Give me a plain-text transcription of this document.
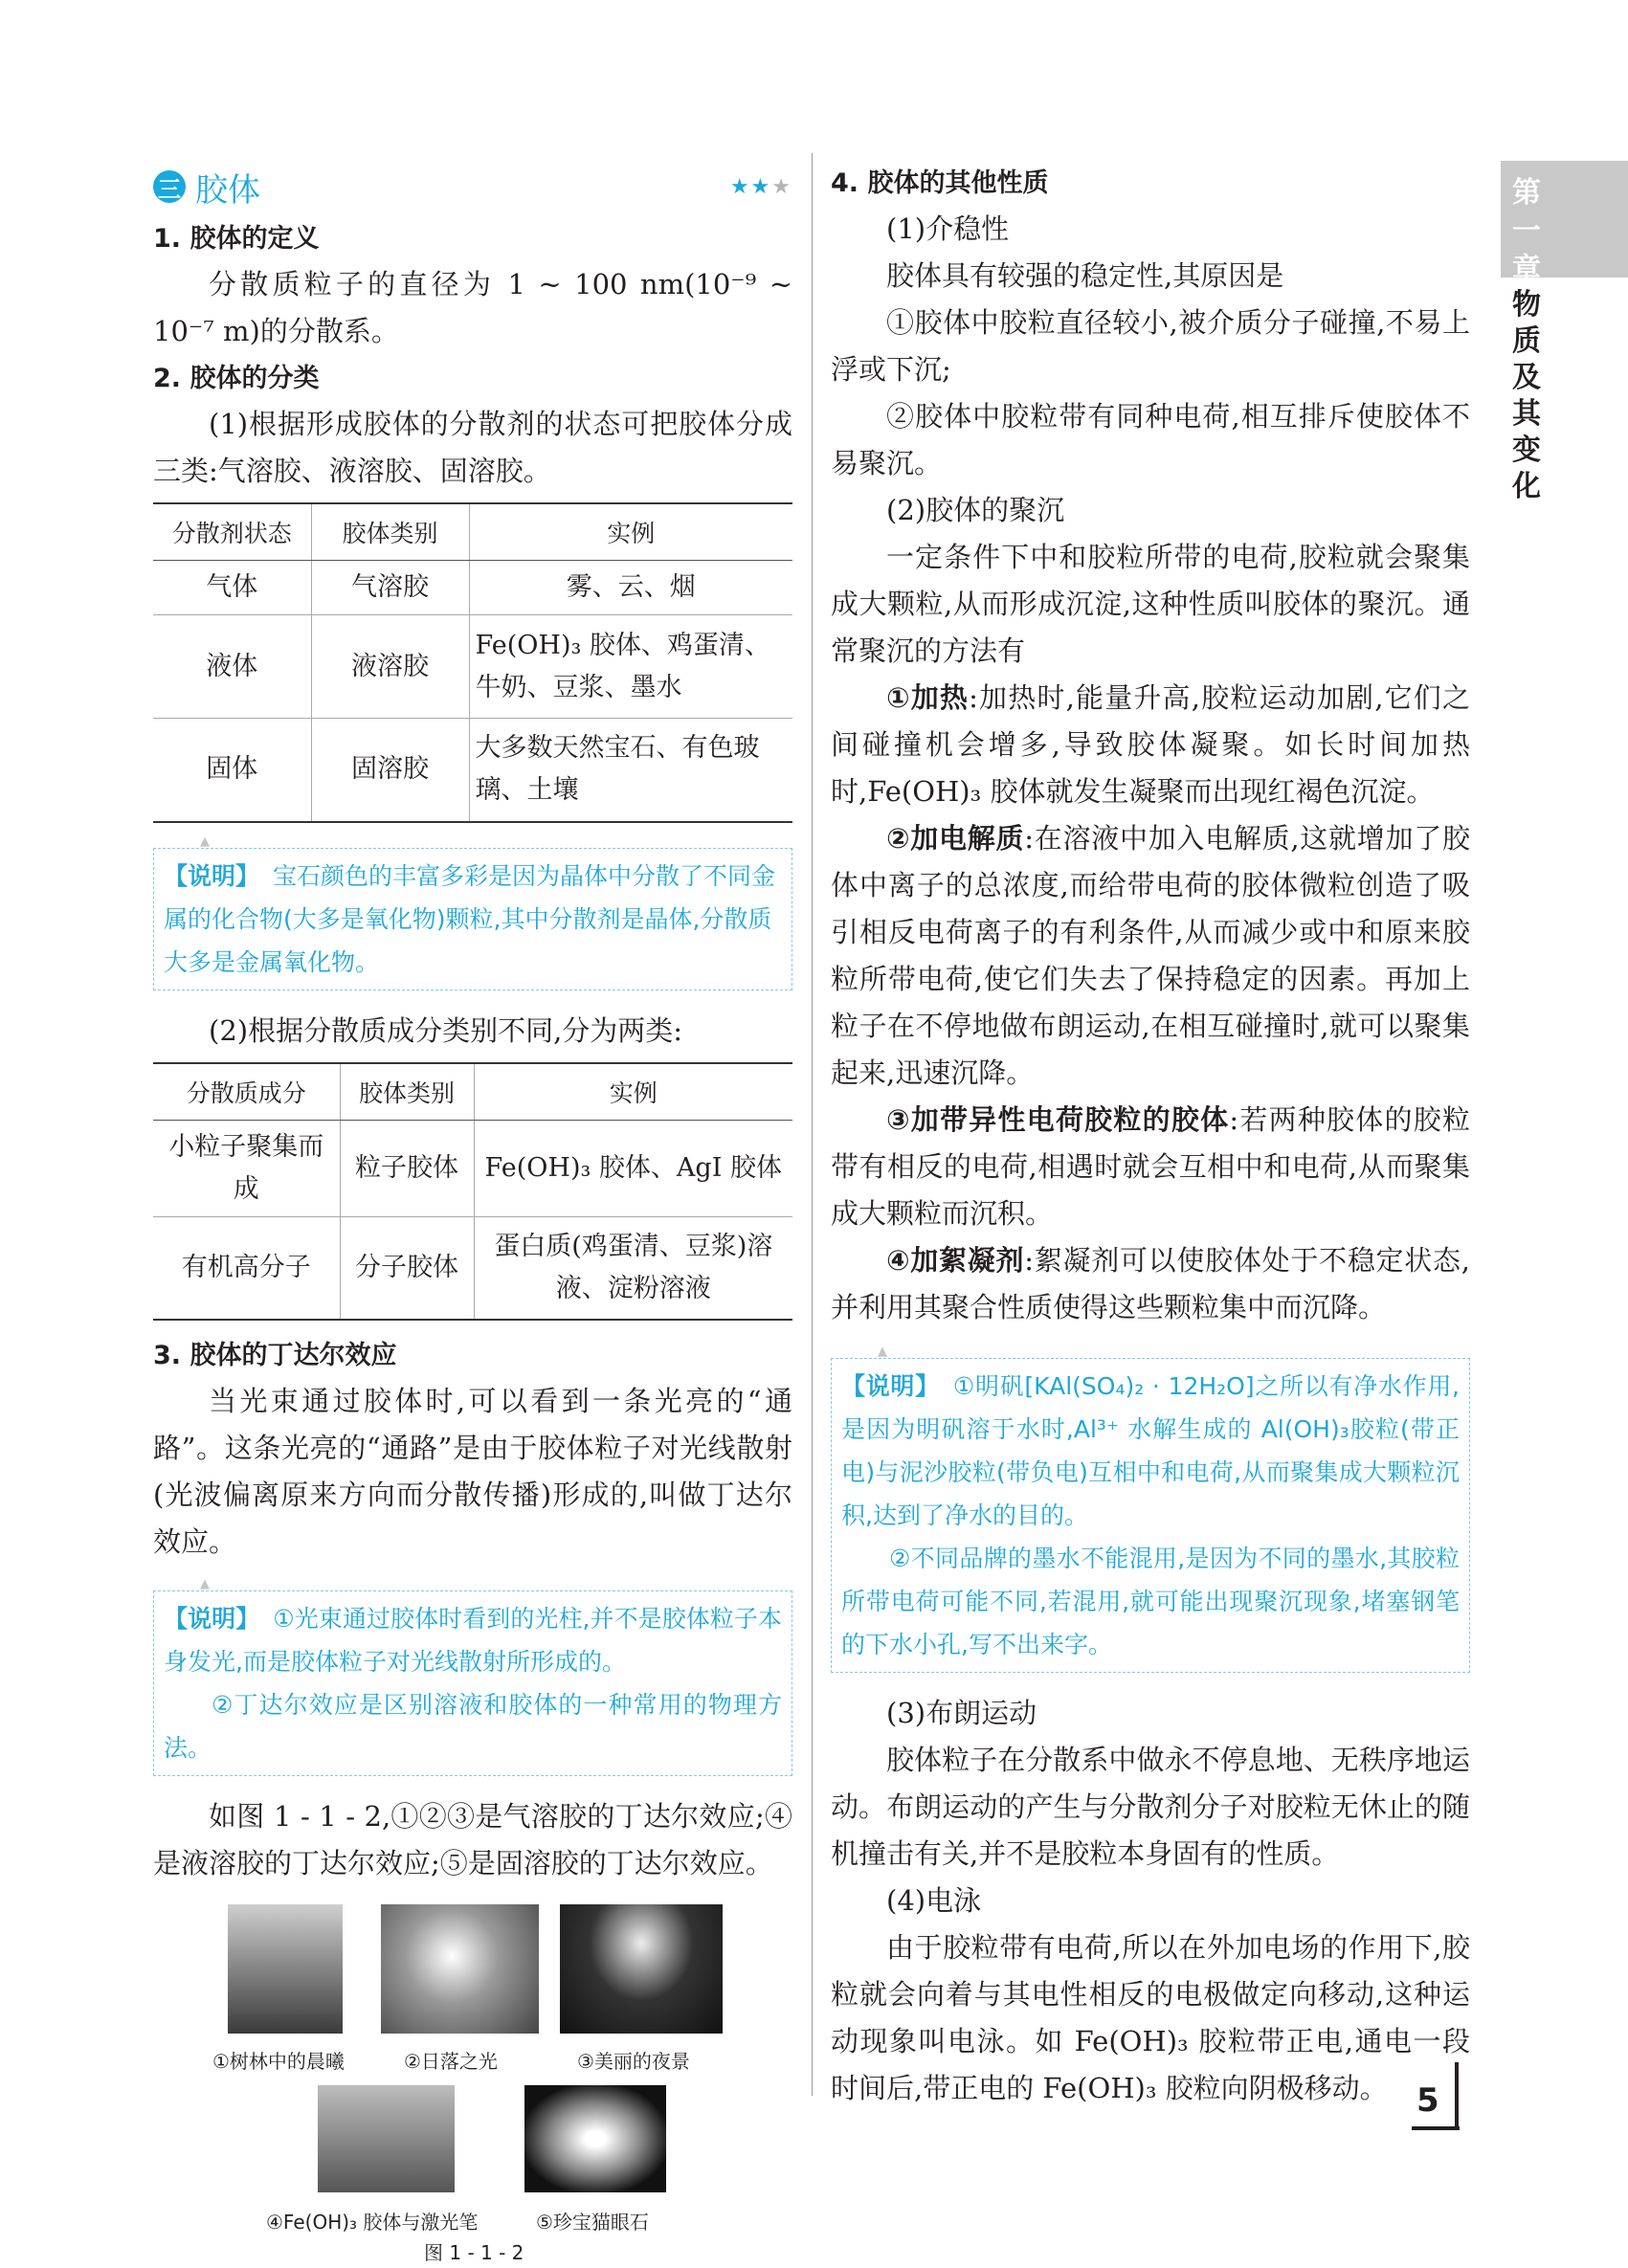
三 胶体	★★★
1. 胶体的定义

分散质粒子的直径为 1 ~ 100 nm(10⁻⁹ ~ 10⁻⁷ m)的分散系。

2. 胶体的分类

(1)根据形成胶体的分散剂的状态可把胶体分成三类:气溶胶、液溶胶、固溶胶。

分散剂状态	胶体类别	实例
气体	气溶胶	雾、云、烟
液体	液溶胶	Fe(OH)₃ 胶体、鸡蛋清、牛奶、豆浆、墨水
固体	固溶胶	大多数天然宝石、有色玻璃、土壤
▲
【说明】 宝石颜色的丰富多彩是因为晶体中分散了不同金属的化合物(大多是氧化物)颗粒,其中分散剂是晶体,分散质大多是金属氧化物。

(2)根据分散质成分类别不同,分为两类:

分散质成分	胶体类别	实例
小粒子聚集而成	粒子胶体	Fe(OH)₃ 胶体、AgI 胶体
有机高分子	分子胶体	蛋白质(鸡蛋清、豆浆)溶液、淀粉溶液
3. 胶体的丁达尔效应

当光束通过胶体时,可以看到一条光亮的“通路”。这条光亮的“通路”是由于胶体粒子对光线散射(光波偏离原来方向而分散传播)形成的,叫做丁达尔效应。

▲

【说明】 ①光束通过胶体时看到的光柱,并不是胶体粒子本身发光,而是胶体粒子对光线散射所形成的。

②丁达尔效应是区别溶液和胶体的一种常用的物理方法。

如图 1 - 1 - 2,①②③是气溶胶的丁达尔效应;④是液溶胶的丁达尔效应;⑤是固溶胶的丁达尔效应。

①树林中的晨曦	②日落之光	③美丽的夜景
④Fe(OH)₃ 胶体与激光笔	⑤珍宝猫眼石
图 1 - 1 - 2
4. 胶体的其他性质

(1)介稳性

胶体具有较强的稳定性,其原因是

①胶体中胶粒直径较小,被介质分子碰撞,不易上浮或下沉;

②胶体中胶粒带有同种电荷,相互排斥使胶体不易聚沉。

(2)胶体的聚沉

一定条件下中和胶粒所带的电荷,胶粒就会聚集成大颗粒,从而形成沉淀,这种性质叫胶体的聚沉。通常聚沉的方法有

①加热:加热时,能量升高,胶粒运动加剧,它们之间碰撞机会增多,导致胶体凝聚。如长时间加热时,Fe(OH)₃ 胶体就发生凝聚而出现红褐色沉淀。

②加电解质:在溶液中加入电解质,这就增加了胶体中离子的总浓度,而给带电荷的胶体微粒创造了吸引相反电荷离子的有利条件,从而减少或中和原来胶粒所带电荷,使它们失去了保持稳定的因素。再加上粒子在不停地做布朗运动,在相互碰撞时,就可以聚集起来,迅速沉降。

③加带异性电荷胶粒的胶体:若两种胶体的胶粒带有相反的电荷,相遇时就会互相中和电荷,从而聚集成大颗粒而沉积。

④加絮凝剂:絮凝剂可以使胶体处于不稳定状态,并利用其聚合性质使得这些颗粒集中而沉降。

▲

【说明】 ①明矾[KAl(SO₄)₂ · 12H₂O]之所以有净水作用,是因为明矾溶于水时,Al³⁺ 水解生成的 Al(OH)₃胶粒(带正电)与泥沙胶粒(带负电)互相中和电荷,从而聚集成大颗粒沉积,达到了净水的目的。

②不同品牌的墨水不能混用,是因为不同的墨水,其胶粒所带电荷可能不同,若混用,就可能出现聚沉现象,堵塞钢笔的下水小孔,写不出来字。

(3)布朗运动

胶体粒子在分散系中做永不停息地、无秩序地运动。布朗运动的产生与分散剂分子对胶粒无休止的随机撞击有关,并不是胶粒本身固有的性质。

(4)电泳

由于胶粒带有电荷,所以在外加电场的作用下,胶粒就会向着与其电性相反的电极做定向移动,这种运动现象叫电泳。如 Fe(OH)₃ 胶粒带正电,通电一段时间后,带正电的 Fe(OH)₃ 胶粒向阴极移动。

第一章
物质及其变化
5
